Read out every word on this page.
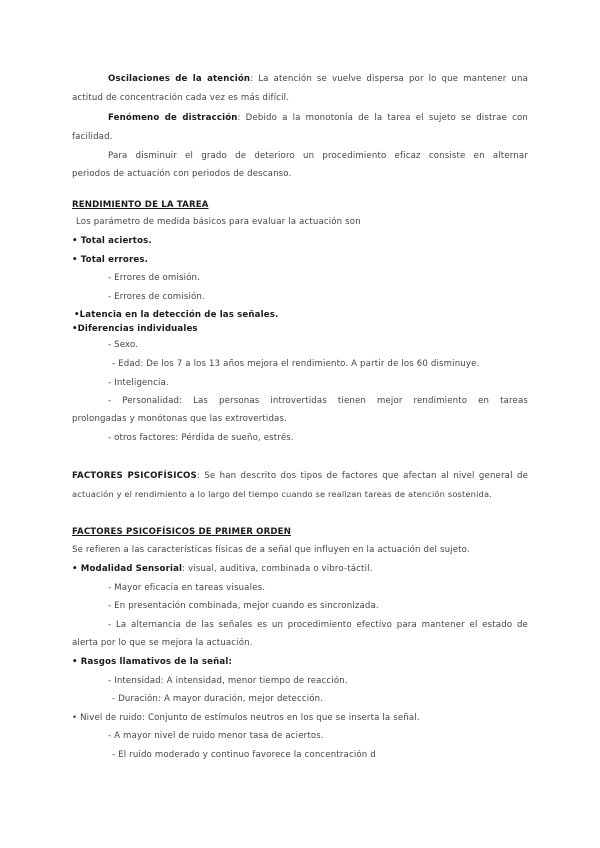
Oscilaciones de la atención: La atención se vuelve dispersa por lo que mantener una
actitud de concentración cada vez es más difícil.
Fenómeno de distracción: Debido a la monotonía de la tarea el sujeto se distrae con
facilidad.
Para disminuir el grado de deterioro un procedimiento eficaz consiste en alternar
periodos de actuación con periodos de descanso.
RENDIMIENTO DE LA TAREA
Los parámetro de medida básicos para evaluar la actuación son
• Total aciertos.
• Total errores.
- Errores de omisión.
- Errores de comisión.
•Latencia en la detección de las señales.
•Diferencias individuales
- Sexo.
- Edad: De los 7 a los 13 años mejora el rendimiento. A partir de los 60 disminuye.
- Inteligencia.
- Personalidad: Las personas introvertidas tienen mejor rendimiento en tareas
prolongadas y monótonas que las extrovertidas.
- otros factores: Pérdida de sueño, estrés.
FACTORES PSICOFÍSICOS: Se han descrito dos tipos de factores que afectan al nivel general de
actuación y el rendimiento a lo largo del tiempo cuando se realizan tareas de atención sostenida.
FACTORES PSICOFÍSICOS DE PRIMER ORDEN
Se refieren a las características físicas de a señal que influyen en la actuación del sujeto.
• Modalidad Sensorial: visual, auditiva, combinada o vibro-táctil.
- Mayor eficacia en tareas visuales.
- En presentación combinada, mejor cuando es sincronizada.
- La alternancia de las señales es un procedimiento efectivo para mantener el estado de
alerta por lo que se mejora la actuación.
• Rasgos llamativos de la señal:
- Intensidad: A intensidad, menor tiempo de reacción.
- Duración: A mayor duración, mejor detección.
• Nivel de ruido: Conjunto de estímulos neutros en los que se inserta la señal.
- A mayor nivel de ruido menor tasa de aciertos.
- El ruido moderado y continuo favorece la concentración d
